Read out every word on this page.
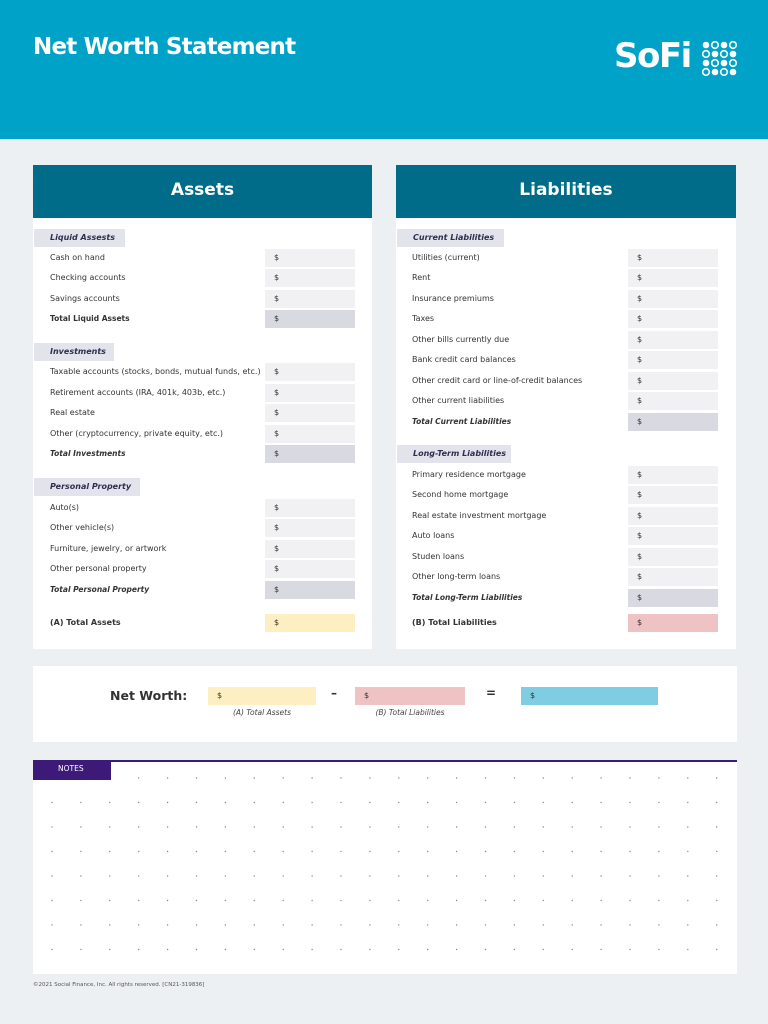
Net Worth Statement	SoFi
Assets
Liquid Assests
Cash on hand	$
Checking accounts	$
Savings accounts	$
Total Liquid Assets	$
Investments
Taxable accounts (stocks, bonds, mutual funds, etc.)	$
Retirement accounts (IRA, 401k, 403b, etc.)	$
Real estate	$
Other (cryptocurrency, private equity, etc.)	$
Total Investments	$
Personal Property
Auto(s)	$
Other vehicle(s)	$
Furniture, jewelry, or artwork	$
Other personal property	$
Total Personal Property	$
(A) Total Assets	$
Liabilities
Current Liabilities
Utilities (current)	$
Rent	$
Insurance premiums	$
Taxes	$
Other bills currently due	$
Bank credit card balances	$
Other credit card or line-of-credit balances	$
Other current liabilities	$
Total Current Liabilities	$
Long-Term Liabilities
Primary residence mortgage	$
Second home mortgage	$
Real estate investment mortgage	$
Auto loans	$
Studen loans	$
Other long-term loans	$
Total Long-Term Liabilities	$
(B) Total Liabilities	$
Net Worth:	$	–	$	=	$
(A) Total Assets	(B) Total Liabilities
NOTES
©2021 Social Finance, Inc. All rights reserved. [CN21-319836]
